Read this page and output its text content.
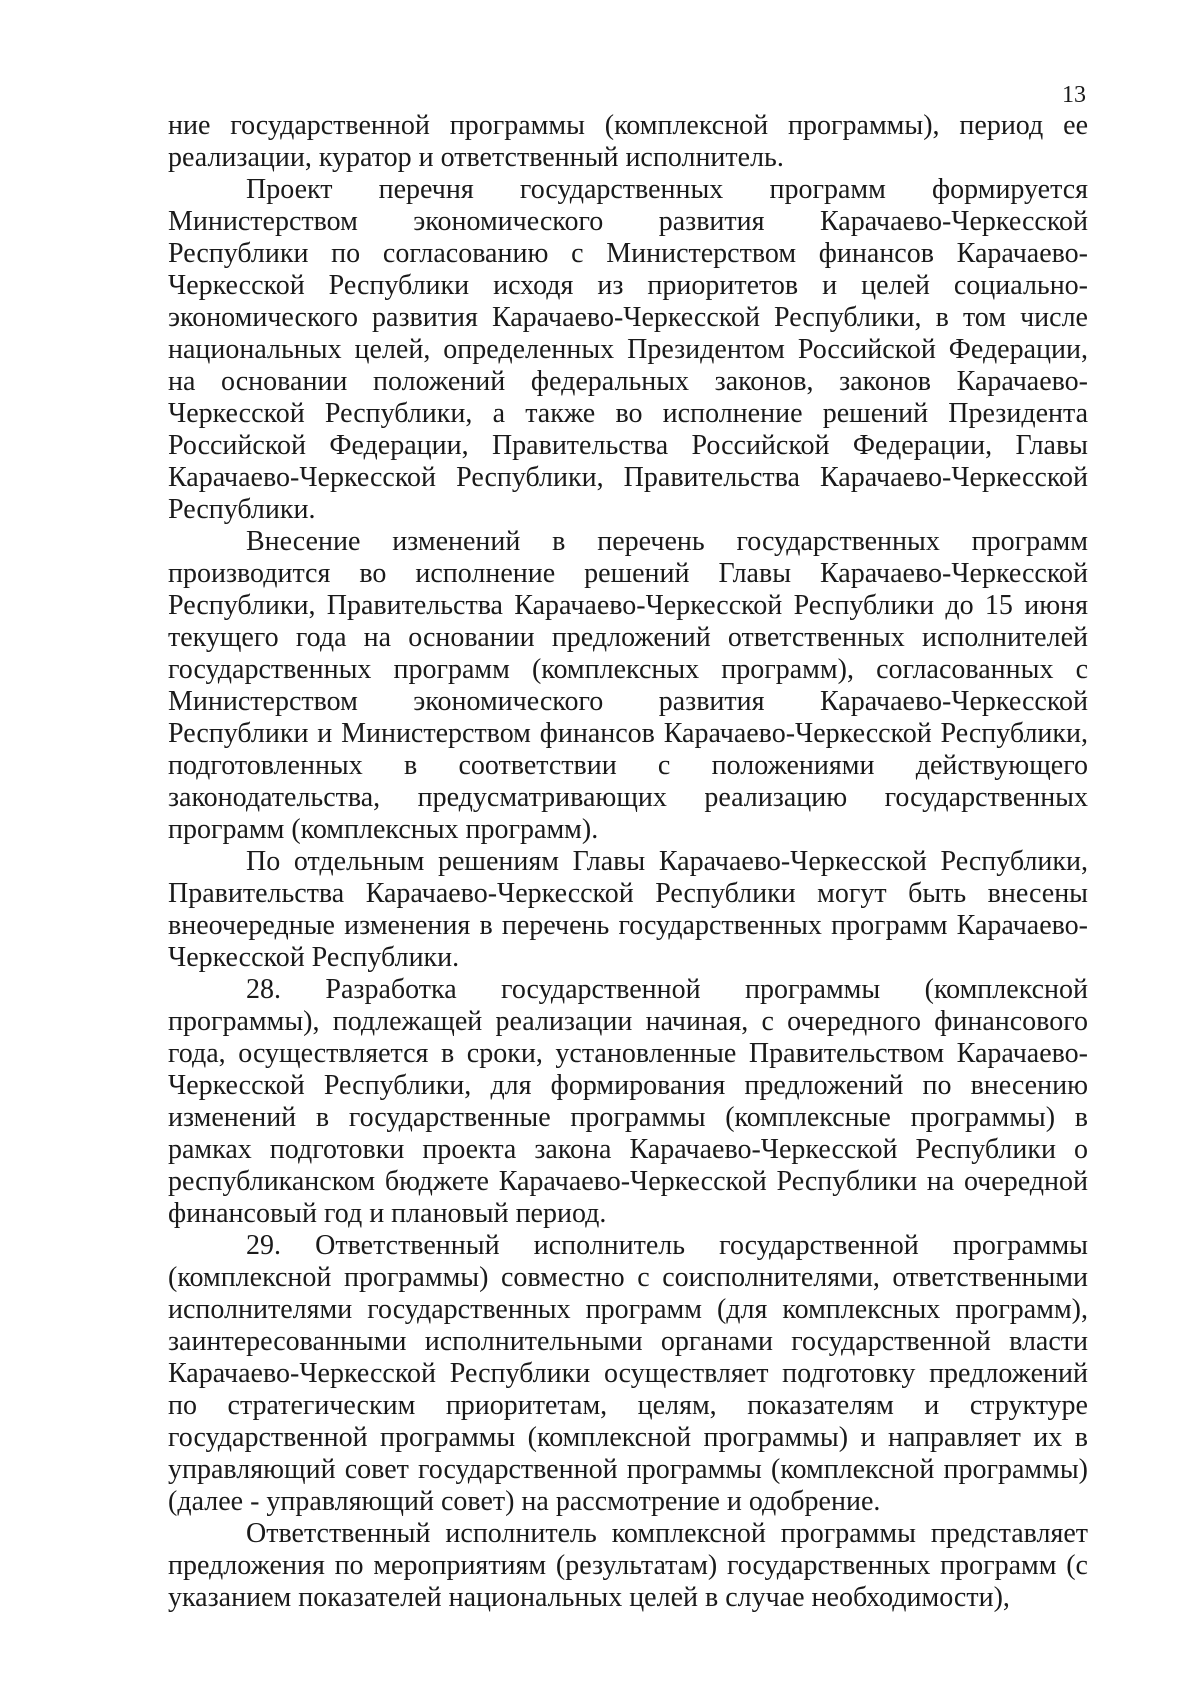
13

ние государственной программы (комплексной программы), период ее реализации, куратор и ответственный исполнитель.

Проект перечня государственных программ формируется Министерством экономического развития Карачаево-Черкесской Республики по согласованию с Министерством финансов Карачаево-Черкесской Республики исходя из приоритетов и целей социально-экономического развития Карачаево-Черкесской Республики, в том числе национальных целей, определенных Президентом Российской Федерации, на основании положений федеральных законов, законов Карачаево-Черкесской Республики, а также во исполнение решений Президента Российской Федерации, Правительства Российской Федерации, Главы Карачаево-Черкесской Республики, Правительства Карачаево-Черкесской Республики.

Внесение изменений в перечень государственных программ производится во исполнение решений Главы Карачаево-Черкесской Республики, Правительства Карачаево-Черкесской Республики до 15 июня текущего года на основании предложений ответственных исполнителей государственных программ (комплексных программ), согласованных с Министерством экономического развития Карачаево-Черкесской Республики и Министерством финансов Карачаево-Черкесской Республики, подготовленных в соответствии с положениями действующего законодательства, предусматривающих реализацию государственных программ (комплексных программ).

По отдельным решениям Главы Карачаево-Черкесской Республики, Правительства Карачаево-Черкесской Республики могут быть внесены внеочередные изменения в перечень государственных программ Карачаево-Черкесской Республики.

28. Разработка государственной программы (комплексной программы), подлежащей реализации начиная, с очередного финансового года, осуществляется в сроки, установленные Правительством Карачаево-Черкесской Республики, для формирования предложений по внесению изменений в государственные программы (комплексные программы) в рамках подготовки проекта закона Карачаево-Черкесской Республики о республиканском бюджете Карачаево-Черкесской Республики на очередной финансовый год и плановый период.

29. Ответственный исполнитель государственной программы (комплексной программы) совместно с соисполнителями, ответственными исполнителями государственных программ (для комплексных программ), заинтересованными исполнительными органами государственной власти Карачаево-Черкесской Республики осуществляет подготовку предложений по стратегическим приоритетам, целям, показателям и структуре государственной программы (комплексной программы) и направляет их в управляющий совет государственной программы (комплексной программы) (далее - управляющий совет) на рассмотрение и одобрение.

Ответственный исполнитель комплексной программы представляет предложения по мероприятиям (результатам) государственных программ (с указанием показателей национальных целей в случае необходимости),
